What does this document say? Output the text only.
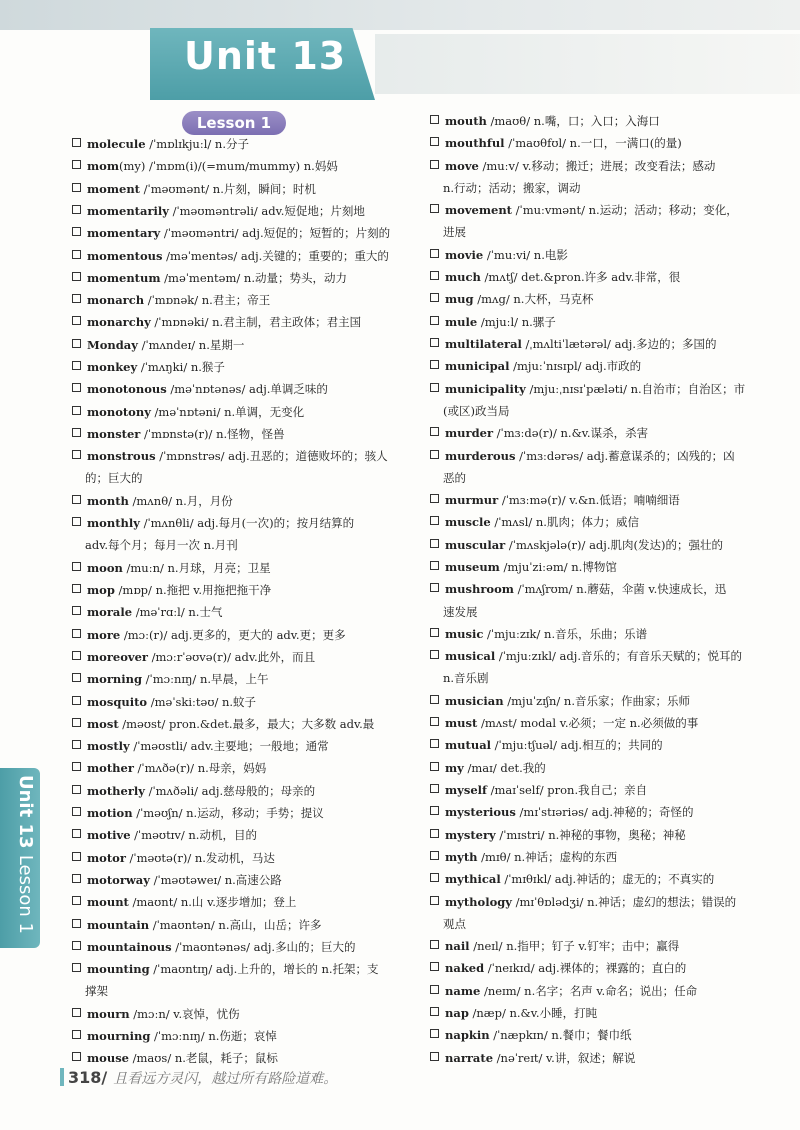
Unit 13
Lesson 1
molecule /ˈmɒlɪkjuːl/ n.分子
mom(my) /ˈmɒm(i)/(=mum/mummy) n.妈妈
moment /ˈməʊmənt/ n.片刻，瞬间；时机
momentarily /ˈməʊməntrəli/ adv.短促地；片刻地
momentary /ˈməʊməntri/ adj.短促的；短暂的；片刻的
momentous /məˈmentəs/ adj.关键的；重要的；重大的
momentum /məˈmentəm/ n.动量；势头，动力
monarch /ˈmɒnək/ n.君主；帝王
monarchy /ˈmɒnəki/ n.君主制，君主政体；君主国
Monday /ˈmʌndeɪ/ n.星期一
monkey /ˈmʌŋki/ n.猴子
monotonous /məˈnɒtənəs/ adj.单调乏味的
monotony /məˈnɒtəni/ n.单调，无变化
monster /ˈmɒnstə(r)/ n.怪物，怪兽
monstrous /ˈmɒnstrəs/ adj.丑恶的；道德败坏的；骇人
的；巨大的
month /mʌnθ/ n.月，月份
monthly /ˈmʌnθli/ adj.每月(一次)的；按月结算的
adv.每个月；每月一次 n.月刊
moon /muːn/ n.月球，月亮；卫星
mop /mɒp/ n.拖把 v.用拖把拖干净
morale /məˈrɑːl/ n.士气
more /mɔː(r)/ adj.更多的，更大的 adv.更；更多
moreover /mɔːrˈəʊvə(r)/ adv.此外，而且
morning /ˈmɔːnɪŋ/ n.早晨，上午
mosquito /məˈskiːtəʊ/ n.蚊子
most /məʊst/ pron.&det.最多，最大；大多数 adv.最
mostly /ˈməʊstli/ adv.主要地；一般地；通常
mother /ˈmʌðə(r)/ n.母亲，妈妈
motherly /ˈmʌðəli/ adj.慈母般的；母亲的
motion /ˈməʊʃn/ n.运动，移动；手势；提议
motive /ˈməʊtɪv/ n.动机，目的
motor /ˈməʊtə(r)/ n.发动机，马达
motorway /ˈməʊtəweɪ/ n.高速公路
mount /maʊnt/ n.山 v.逐步增加；登上
mountain /ˈmaʊntən/ n.高山，山岳；许多
mountainous /ˈmaʊntənəs/ adj.多山的；巨大的
mounting /ˈmaʊntɪŋ/ adj.上升的，增长的 n.托架；支
撑架
mourn /mɔːn/ v.哀悼，忧伤
mourning /ˈmɔːnɪŋ/ n.伤逝；哀悼
mouse /maʊs/ n.老鼠，耗子；鼠标
mouth /maʊθ/ n.嘴，口；入口；入海口
mouthful /ˈmaʊθfʊl/ n.一口，一满口(的量)
move /muːv/ v.移动；搬迁；进展；改变看法；感动
n.行动；活动；搬家，调动
movement /ˈmuːvmənt/ n.运动；活动；移动；变化，
进展
movie /ˈmuːvi/ n.电影
much /mʌtʃ/ det.&pron.许多 adv.非常，很
mug /mʌg/ n.大杯，马克杯
mule /mjuːl/ n.骡子
multilateral /ˌmʌltiˈlætərəl/ adj.多边的；多国的
municipal /mjuːˈnɪsɪpl/ adj.市政的
municipality /mjuːˌnɪsɪˈpæləti/ n.自治市；自治区；市
(或区)政当局
murder /ˈmɜːdə(r)/ n.&v.谋杀，杀害
murderous /ˈmɜːdərəs/ adj.蓄意谋杀的；凶残的；凶
恶的
murmur /ˈmɜːmə(r)/ v.&n.低语；喃喃细语
muscle /ˈmʌsl/ n.肌肉；体力；威信
muscular /ˈmʌskjələ(r)/ adj.肌肉(发达)的；强壮的
museum /mjuˈziːəm/ n.博物馆
mushroom /ˈmʌʃrʊm/ n.蘑菇，伞菌 v.快速成长，迅
速发展
music /ˈmjuːzɪk/ n.音乐，乐曲；乐谱
musical /ˈmjuːzɪkl/ adj.音乐的；有音乐天赋的；悦耳的
n.音乐剧
musician /mjuˈzɪʃn/ n.音乐家；作曲家；乐师
must /mʌst/ modal v.必须；一定 n.必须做的事
mutual /ˈmjuːtʃuəl/ adj.相互的；共同的
my /maɪ/ det.我的
myself /maɪˈself/ pron.我自己；亲自
mysterious /mɪˈstɪəriəs/ adj.神秘的；奇怪的
mystery /ˈmɪstri/ n.神秘的事物，奥秘；神秘
myth /mɪθ/ n.神话；虚构的东西
mythical /ˈmɪθɪkl/ adj.神话的；虚无的；不真实的
mythology /mɪˈθɒlədʒi/ n.神话；虚幻的想法；错误的
观点
nail /neɪl/ n.指甲；钉子 v.钉牢；击中；赢得
naked /ˈneɪkɪd/ adj.裸体的；裸露的；直白的
name /neɪm/ n.名字；名声 v.命名；说出；任命
nap /næp/ n.&v.小睡，打盹
napkin /ˈnæpkɪn/ n.餐巾；餐巾纸
narrate /nəˈreɪt/ v.讲，叙述；解说
Unit 13 Lesson 1
318/ 且看远方灵闪，越过所有路险道难。
